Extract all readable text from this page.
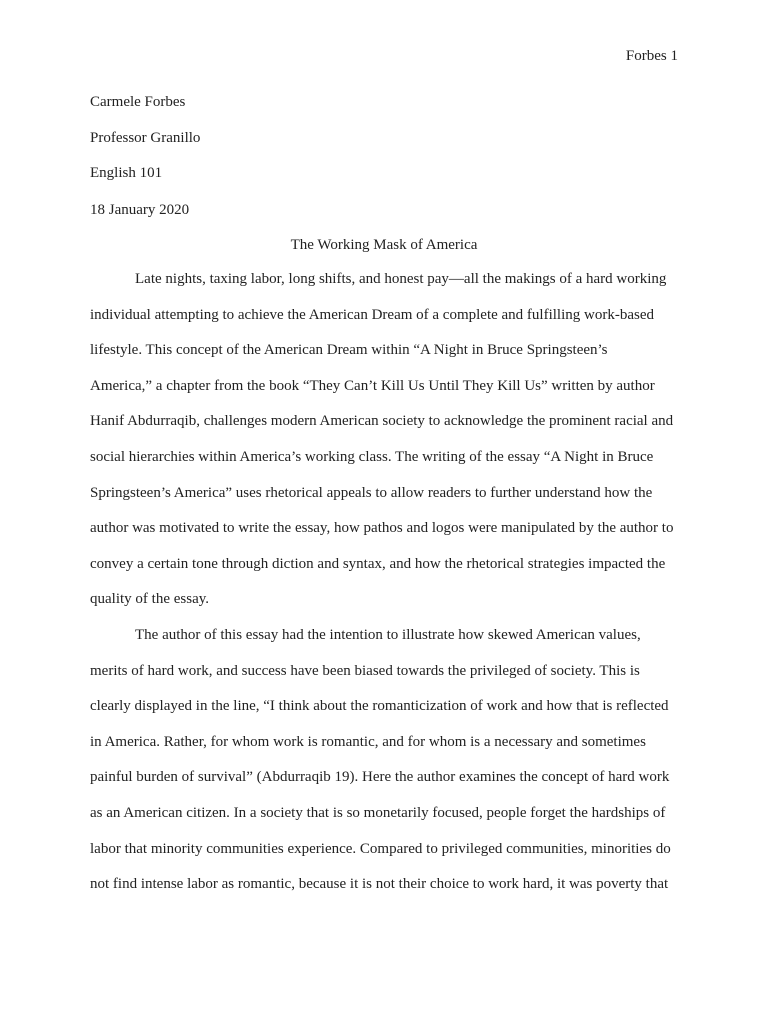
Forbes 1
Carmele Forbes
Professor Granillo
English 101
18 January 2020
The Working Mask of America
Late nights, taxing labor, long shifts, and honest pay—all the makings of a hard working
individual attempting to achieve the American Dream of a complete and fulfilling work-based
lifestyle. This concept of the American Dream within “A Night in Bruce Springsteen’s
America,” a chapter from the book “They Can’t Kill Us Until They Kill Us” written by author
Hanif Abdurraqib, challenges modern American society to acknowledge the prominent racial and
social hierarchies within America’s working class. The writing of the essay “A Night in Bruce
Springsteen’s America” uses rhetorical appeals to allow readers to further understand how the
author was motivated to write the essay, how pathos and logos were manipulated by the author to
convey a certain tone through diction and syntax, and how the rhetorical strategies impacted the
quality of the essay.
The author of this essay had the intention to illustrate how skewed American values,
merits of hard work, and success have been biased towards the privileged of society. This is
clearly displayed in the line, “I think about the romanticization of work and how that is reflected
in America. Rather, for whom work is romantic, and for whom is a necessary and sometimes
painful burden of survival” (Abdurraqib 19). Here the author examines the concept of hard work
as an American citizen. In a society that is so monetarily focused, people forget the hardships of
labor that minority communities experience. Compared to privileged communities, minorities do
not find intense labor as romantic, because it is not their choice to work hard, it was poverty that
